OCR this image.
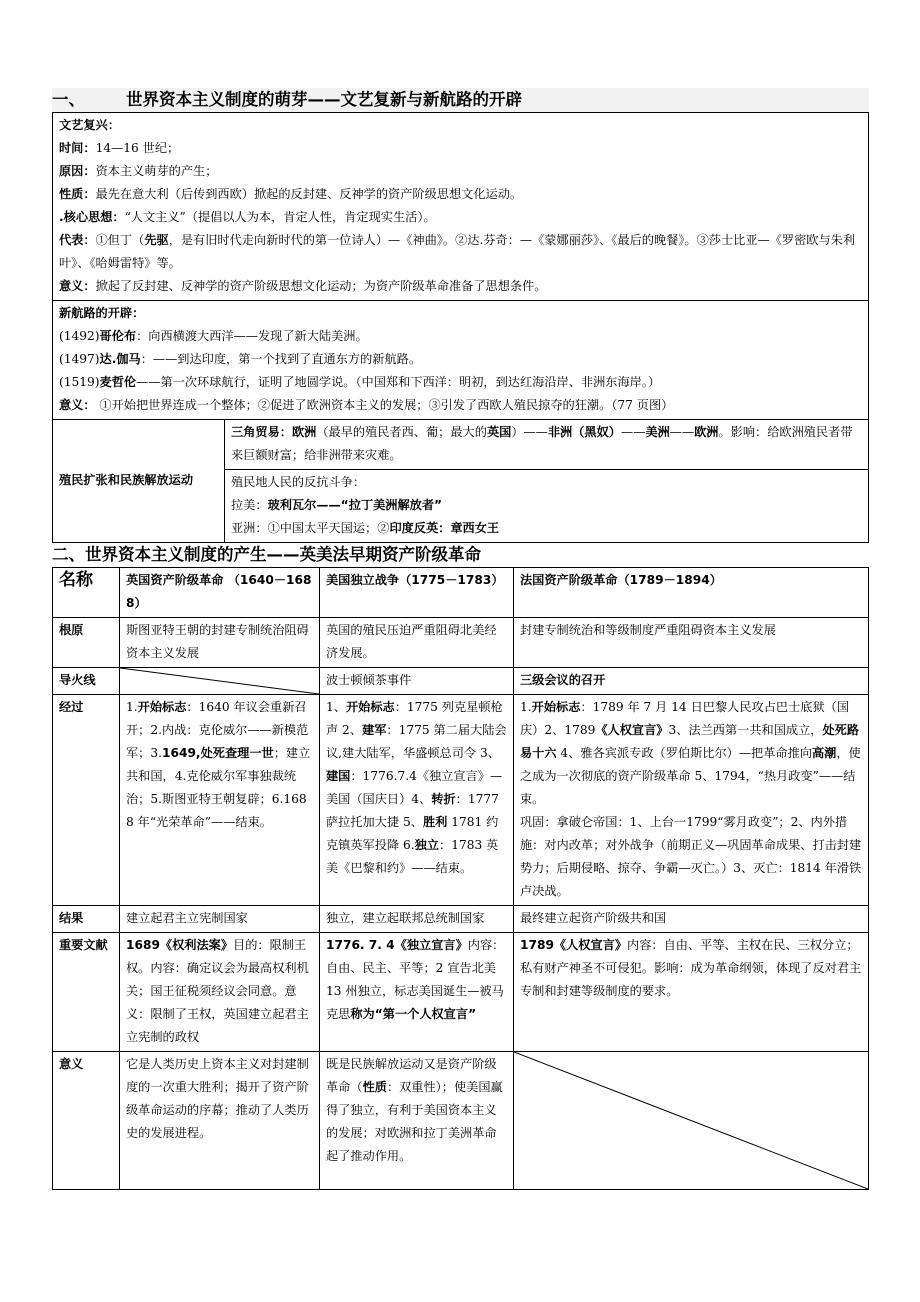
一、 世界资本主义制度的萌芽——文艺复新与新航路的开辟
文艺复兴：
时间：14—16 世纪；
原因：资本主义萌芽的产生；
性质：最先在意大利（后传到西欧）掀起的反封建、反神学的资产阶级思想文化运动。
.核心思想：“人文主义”（提倡以人为本，肯定人性，肯定现实生活）。
代表：①但丁（先驱，是有旧时代走向新时代的第一位诗人）—《神曲》。②达.芬奇：—《蒙娜丽莎》、《最后的晚餐》。③莎士比亚—《罗密欧与朱利叶》、《哈姆雷特》等。
意义：掀起了反封建、反神学的资产阶级思想文化运动；为资产阶级革命准备了思想条件。

新航路的开辟：
(1492)哥伦布：向西横渡大西洋——发现了新大陆美洲。
(1497)达.伽马：——到达印度，第一个找到了直通东方的新航路。
(1519)麦哲伦——第一次环球航行，证明了地圆学说。（中国郑和下西洋：明初，到达红海沿岸、非洲东海岸。）
意义： ①开始把世界连成一个整体；②促进了欧洲资本主义的发展；③引发了西欧人殖民掠夺的狂潮。（77 页图）

殖民扩张和民族解放运动	三角贸易：欧洲（最早的殖民者西、葡；最大的英国）——非洲（黑奴）——美洲——欧洲。影响：给欧洲殖民者带来巨额财富；给非洲带来灾难。

殖民地人民的反抗斗争：
拉美：玻利瓦尔——“拉丁美洲解放者”
亚洲：①中国太平天国运；②印度反英：章西女王
二、世界资本主义制度的产生——英美法早期资产阶级革命
名称	英国资产阶级革命 （1640－1688）	美国独立战争（1775－1783）	法国资产阶级革命（1789－1894）
根原	斯图亚特王朝的封建专制统治阻碍资本主义发展	英国的殖民压迫严重阻碍北美经济发展。	封建专制统治和等级制度严重阻碍资本主义发展
导火线		波士顿倾茶事件	三级会议的召开
经过	1.开始标志：1640 年议会重新召开；2.内战：克伦威尔——新模范军；3.1649,处死查理一世；建立共和国，4.克伦威尔军事独裁统治；5.斯图亚特王朝复辟；6.1688 年“光荣革命”——结束。	1、开始标志：1775 列克星顿枪声 2、建军：1775 第二届大陆会议,建大陆军，华盛顿总司令 3、建国：1776.7.4《独立宣言》—美国（国庆日）4、转折：1777 萨拉托加大捷 5、胜利 1781 约克镇英军投降 6.独立：1783 英美《巴黎和约》——结束。	1.开始标志：1789 年 7 月 14 日巴黎人民攻占巴士底狱（国庆）2、1789《人权宣言》3、法兰西第一共和国成立，处死路易十六 4、雅各宾派专政（罗伯斯比尔）—把革命推向高潮，使之成为一次彻底的资产阶级革命 5、1794，“热月政变”——结束。
巩固：拿破仑帝国：1、上台一1799“雾月政变”；2、内外措施：对内改革；对外战争（前期正义—巩固革命成果、打击封建势力；后期侵略、掠夺、争霸—灭亡。）3、灭亡：1814 年滑铁卢决战。

结果	建立起君主立宪制国家	独立，建立起联邦总统制国家	最终建立起资产阶级共和国
重要文献	1689《权利法案》目的：限制王权。内容：确定议会为最高权利机关；国王征税须经议会同意。意义：限制了王权，英国建立起君主立宪制的政权	1776. 7. 4《独立宣言》内容：自由、民主、平等；2 宣告北美 13 州独立，标志美国诞生—被马克思称为“第一个人权宣言”	1789《人权宣言》内容：自由、平等、主权在民、三权分立；私有财产神圣不可侵犯。影响：成为革命纲领，体现了反对君主专制和封建等级制度的要求。
意义	它是人类历史上资本主义对封建制度的一次重大胜利；揭开了资产阶级革命运动的序幕；推动了人类历史的发展进程。	既是民族解放运动又是资产阶级革命（性质：双重性）；使美国赢得了独立，有利于美国资本主义的发展；对欧洲和拉丁美洲革命起了推动作用。	
